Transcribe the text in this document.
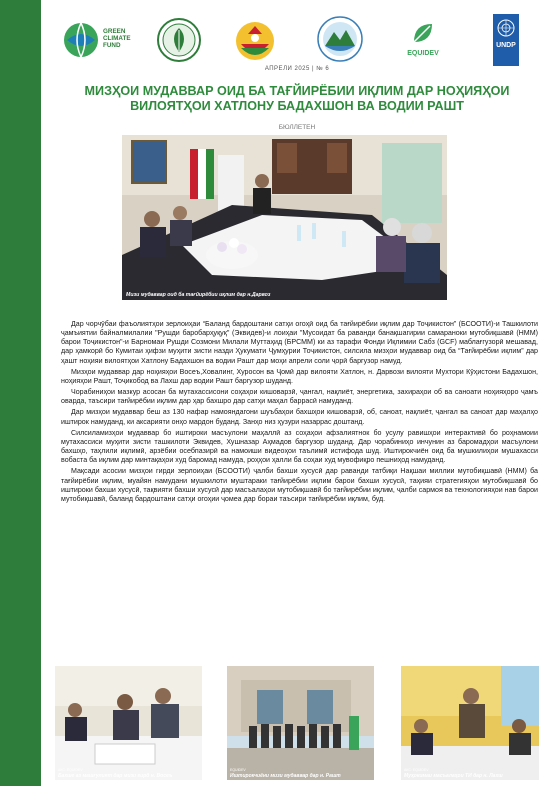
GREEN
CLIMATE
FUND
EQUIDEV
U N D P
АПРЕЛИ 2025 | № 6
МИЗҲОИ МУДАВВАР ОИД БА ТАҒЙИРЁБИИ ИҚЛИМ ДАР НОҲИЯҲОИ ВИЛОЯТҲОИ ХАТЛОНУ БАДАХШОН ВА ВОДИИ РАШТ
БЮЛЛЕТЕН
Мизи мудаввар оид ба тағйирёбии иқлим дар н.Дарвоз

Дар чорчӯбаи фаъолиятҳои зерлоиҳаи “Баланд бардоштани сатҳи огоҳӣ оид ба тағйирёбии иқлим дар Тоҷикистон” (БСООТИ)-и Ташкилоти ҷамъиятии байналмилалии "Рушди баробарҳуқуқ" (Эквидев)-и лоиҳаи "Мусоидат ба раванди банақшагирии самараноки мутобиқшавӣ (НММ) барои Тоҷикистон"-и Барномаи Рушди Созмони Милали Муттаҳид (БРСММ) ки аз тарафи Фонди Иқлимии Сабз (GCF) маблағгузорӣ мешавад, дар ҳамкорӣ бо Кумитаи ҳифзи муҳити зисти назди Ҳукумати Ҷумҳурии Тоҷикистон, силсила мизҳои мудаввар оид ба “Тағйирёбии иқлим” дар ҳашт ноҳияи вилоятҳои Хатлону Бадахшон ва водии Рашт дар моҳи апрели соли ҷорӣ баргузор намуд.

Мизҳои мудаввар дар ноҳияҳои Восеъ,Ховалинг, Хуросон ва Ҷомӣ дар вилояти Хатлон, н. Дарвози вилояти Мухтори Кӯҳистони Бадахшон, ноҳияҳои Рашт, Тоҷикобод ва Лахш дар водии Рашт баргузор шуданд.

Чорабиниҳои мазкур асосан ба мутахассисони соҳаҳои кишоварзӣ, ҷангал, нақлиёт, энергетика, захираҳои об ва саноати ноҳияҳоро ҷамъ оварда, таъсири тағйирёбии иқлим дар ҳар бахшро дар сатҳи маҳал баррасӣ намуданд.

Дар мизҳои мудаввар беш аз 130 нафар намояндагони шуъбаҳои бахшҳои кишоварзӣ, об, саноат, нақлиёт, ҷангал ва саноат дар маҳалҳо иштирок намуданд, ки аксарияти онҳо мардон буданд. Занҳо низ ҳузури назаррас доштанд.

Силсиламизҳои мудаввар бо иштироки масъулони маҳаллӣ аз соҳаҳои афзалиятнок бо усулу равишҳои интерактивӣ бо роҳнамоии мутахассиси муҳити зисти ташкилоти Эквидев, Хушназар Аҳмадов баргузор шуданд. Дар чорабиниҳо инчунин аз баромадҳои масъулони бахшҳо, таҳлили иқлимӣ, арзёбии осебпазирӣ ва намоиши видеоҳои таълимӣ истифода шуд. Иштирокчиён оид ба мушкилиҳои мушахасси вобаста ба иқлим дар минтақаҳои худ баромад намуда, роҳҳои ҳалли ба соҳаи худ мувофиқро пешниҳод намуданд.

Мақсади асосии мизҳои гирди зерлоиҳаи (БСООТИ) ҷалби бахши хусусӣ дар раванди татбиқи Нақшаи миллии мутобиқшавӣ (НММ) ба тағйирёбии иқлим, муайян намудани мушкилоти муштараки тағйирёбии иқлим барои бахши хусусӣ, таҳияи стратегияҳои мутобиқшавӣ бо иштироки бахши хусусӣ, тақвияти бахши хусусӣ дар масъалаҳои мутобиқшавӣ бо тағйирёбии иқлим, ҷалби сармоя ва технологияҳои нав барои мутобиқшавӣ, баланд бардоштани сатҳи огоҳии ҷомеа дар бораи таъсири тағйирёбии иқлим, буд.

АКС: EQUIDEV
Бахше аз машғулият дар мизи гирд н. Восеъ
EQUIDEV
Иштирокчиёни мизи мудаввар дар н. Рашт
АКС: EQUIDEV
Муҳокимаи масъалаҳои ТИ дар н. Лахш
